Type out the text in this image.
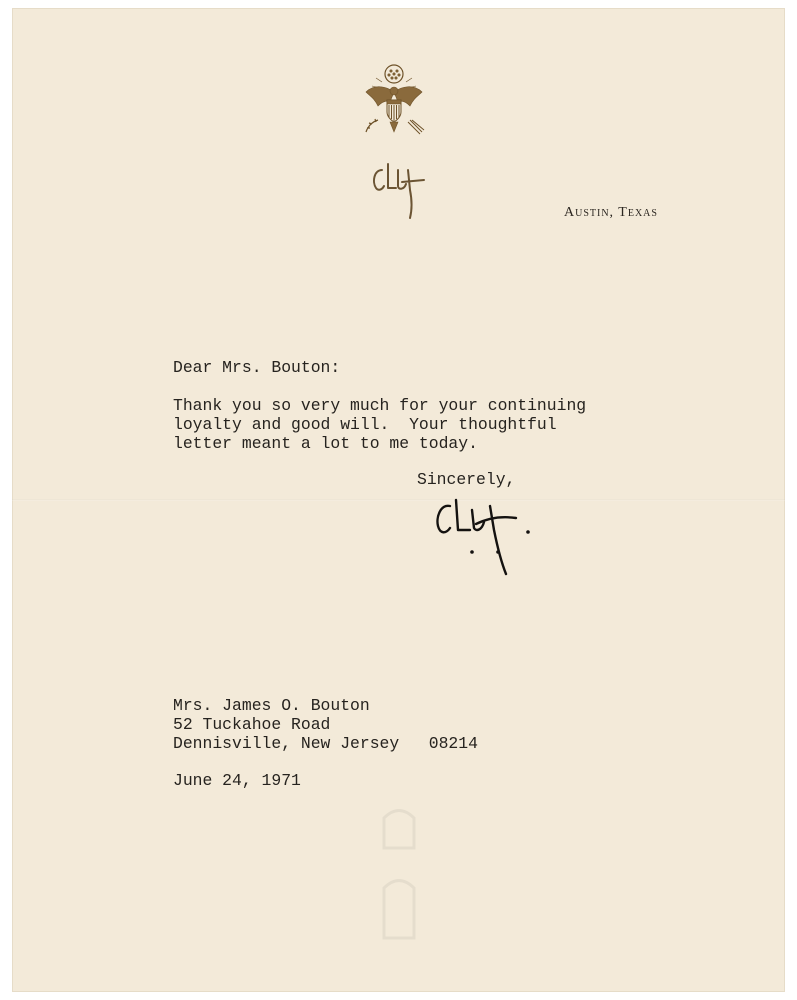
Austin, Texas

Dear Mrs. Bouton:

Thank you so very much for your continuing
loyalty and good will.  Your thoughtful
letter meant a lot to me today.

Sincerely,

Mrs. James O. Bouton
52 Tuckahoe Road
Dennisville, New Jersey   08214

June 24, 1971
